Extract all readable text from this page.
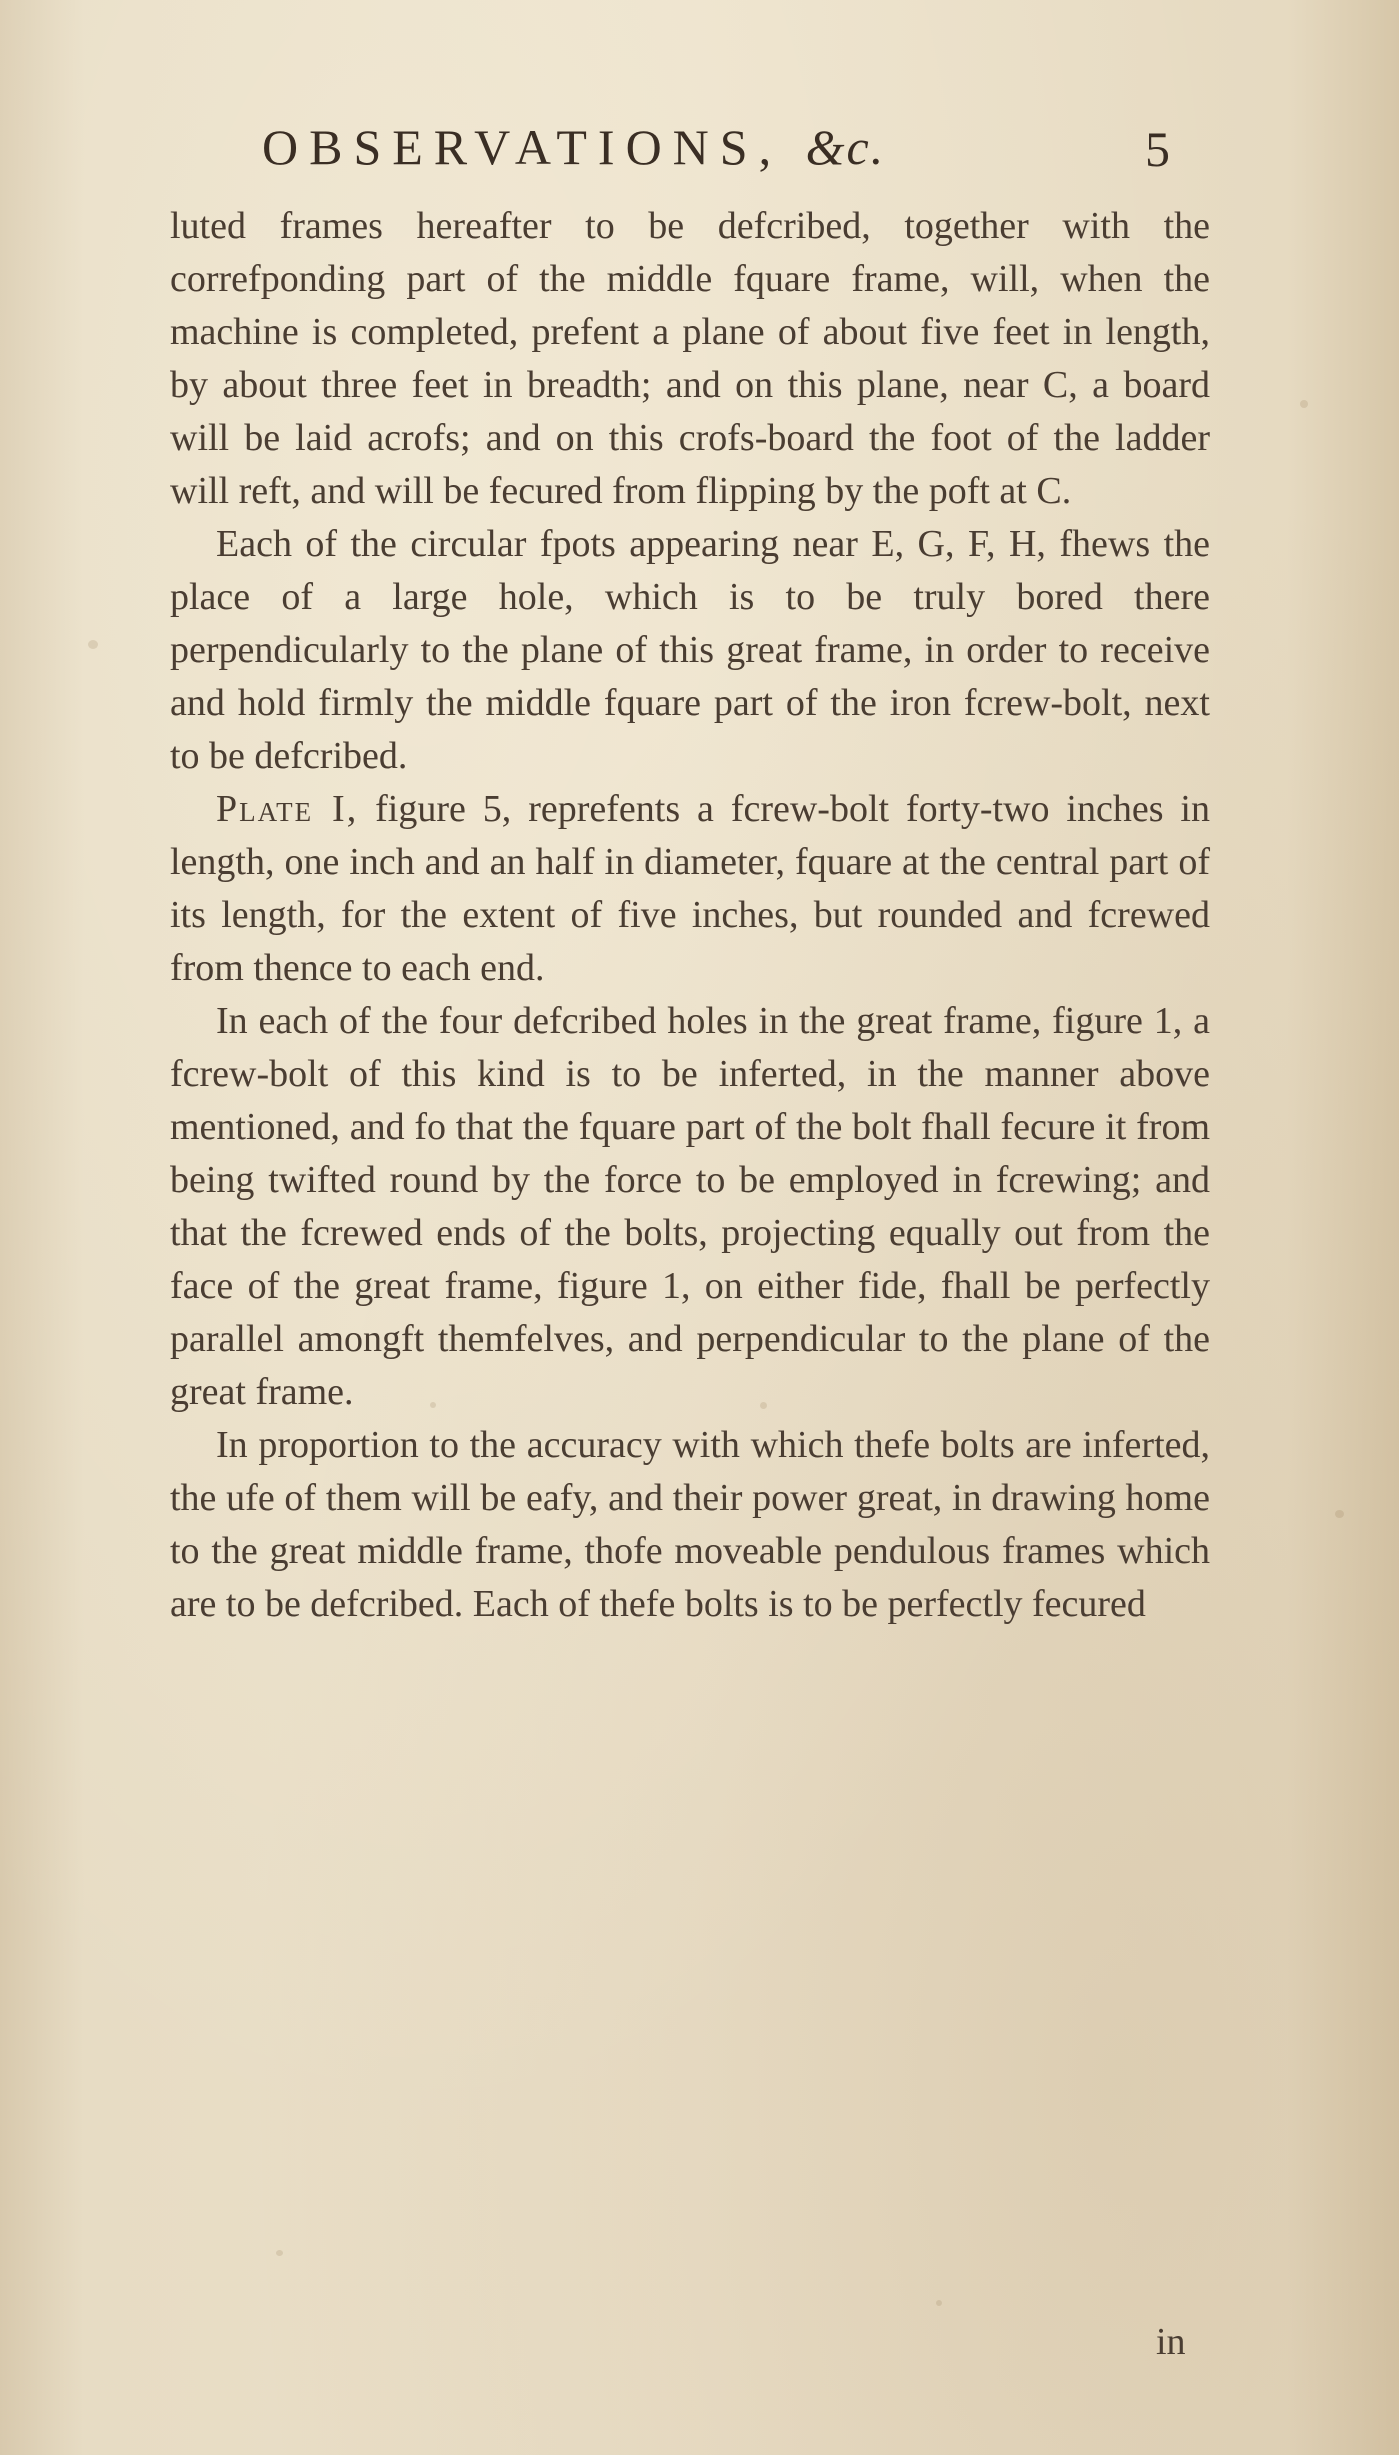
OBSERVATIONS, &c.	5

luted frames hereafter to be defcribed, together with the correfponding part of the middle fquare frame, will, when the machine is completed, prefent a plane of about five feet in length, by about three feet in breadth; and on this plane, near C, a board will be laid acrofs; and on this crofs-board the foot of the ladder will reft, and will be fecured from flipping by the poft at C.

Each of the circular fpots appearing near E, G, F, H, fhews the place of a large hole, which is to be truly bored there perpendicularly to the plane of this great frame, in order to receive and hold firmly the middle fquare part of the iron fcrew-bolt, next to be defcribed.

Plate I, figure 5, reprefents a fcrew-bolt forty-two inches in length, one inch and an half in diameter, fquare at the central part of its length, for the extent of five inches, but rounded and fcrewed from thence to each end.

In each of the four defcribed holes in the great frame, figure 1, a fcrew-bolt of this kind is to be inferted, in the manner above mentioned, and fo that the fquare part of the bolt fhall fecure it from being twifted round by the force to be employed in fcrewing; and that the fcrewed ends of the bolts, projecting equally out from the face of the great frame, figure 1, on either fide, fhall be perfectly parallel amongft themfelves, and perpendicular to the plane of the great frame.

In proportion to the accuracy with which thefe bolts are inferted, the ufe of them will be eafy, and their power great, in drawing home to the great middle frame, thofe moveable pendulous frames which are to be defcribed. Each of thefe bolts is to be perfectly fecured

in
